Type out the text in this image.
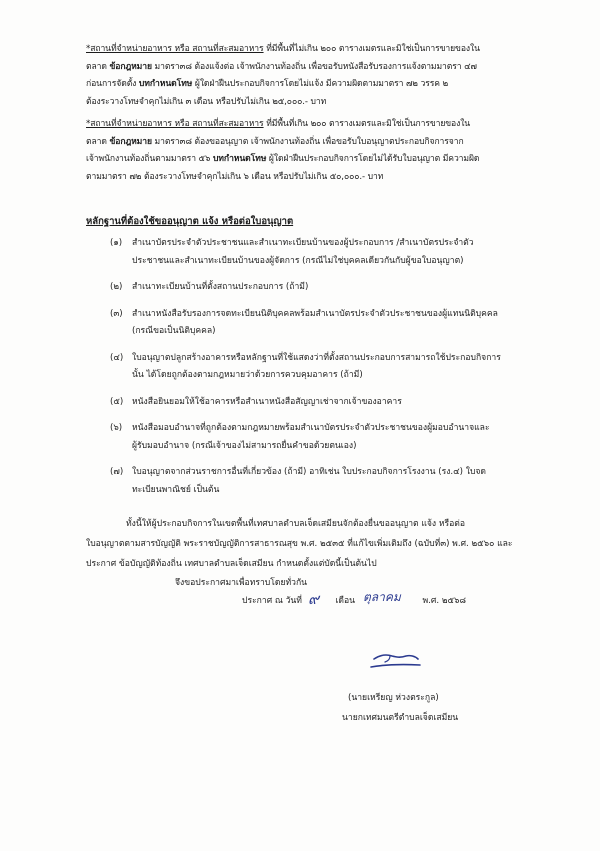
*สถานที่จำหน่ายอาหาร หรือ สถานที่สะสมอาหาร ที่มีพื้นที่ไม่เกิน ๒๐๐ ตารางเมตรและมิใช่เป็นการขายของใน
ตลาด ข้อกฎหมาย มาตรา๓๘ ต้องแจ้งต่อ เจ้าพนักงานท้องถิ่น เพื่อขอรับหนังสือรับรองการแจ้งตามมาตรา ๔๗
ก่อนการจัดตั้ง บทกำหนดโทษ ผู้ใดฝ่าฝืนประกอบกิจการโดยไม่แจ้ง มีความผิดตามมาตรา ๗๒ วรรค ๒
ต้องระวางโทษจำคุกไม่เกิน ๓ เดือน หรือปรับไม่เกิน ๒๕,๐๐๐.- บาท
*สถานที่จำหน่ายอาหาร หรือ สถานที่สะสมอาหาร ที่มีพื้นที่เกิน ๒๐๐ ตารางเมตรและมิใช่เป็นการขายของใน
ตลาด ข้อกฎหมาย มาตรา๓๘ ต้องขออนุญาต เจ้าพนักงานท้องถิ่น เพื่อขอรับใบอนุญาตประกอบกิจการจาก
เจ้าพนักงานท้องถิ่นตามมาตรา ๕๖ บทกำหนดโทษ ผู้ใดฝ่าฝืนประกอบกิจการโดยไม่ได้รับใบอนุญาต มีความผิด
ตามมาตรา ๗๒ ต้องระวางโทษจำคุกไม่เกิน ๖ เดือน หรือปรับไม่เกิน ๕๐,๐๐๐.- บาท
หลักฐานที่ต้องใช้ขออนุญาต แจ้ง หรือต่อใบอนุญาต
(๑)	สำเนาบัตรประจำตัวประชาชนและสำเนาทะเบียนบ้านของผู้ประกอบการ /สำเนาบัตรประจำตัว
ประชาชนและสำเนาทะเบียนบ้านของผู้จัดการ (กรณีไม่ใช่บุคคลเดียวกันกับผู้ขอใบอนุญาต)
(๒)	สำเนาทะเบียนบ้านที่ตั้งสถานประกอบการ (ถ้ามี)
(๓)	สำเนาหนังสือรับรองการจดทะเบียนนิติบุคคลพร้อมสำเนาบัตรประจำตัวประชาชนของผู้แทนนิติบุคคล
(กรณีขอเป็นนิติบุคคล)
(๔)	ใบอนุญาตปลูกสร้างอาคารหรือหลักฐานที่ใช้แสดงว่าที่ตั้งสถานประกอบการสามารถใช้ประกอบกิจการ
นั้น ได้โดยถูกต้องตามกฎหมายว่าด้วยการควบคุมอาคาร (ถ้ามี)
(๕)	หนังสือยินยอมให้ใช้อาคารหรือสำเนาหนังสือสัญญาเช่าจากเจ้าของอาคาร
(๖)	หนังสือมอบอำนาจที่ถูกต้องตามกฎหมายพร้อมสำเนาบัตรประจำตัวประชาชนของผู้มอบอำนาจและ
ผู้รับมอบอำนาจ (กรณีเจ้าของไม่สามารถยื่นคำขอด้วยตนเอง)
(๗)	ใบอนุญาตจากส่วนราชการอื่นที่เกี่ยวข้อง (ถ้ามี) อาทิเช่น ใบประกอบกิจการโรงงาน (รง.๔) ใบจด
ทะเบียนพาณิชย์ เป็นต้น
ทั้งนี้ให้ผู้ประกอบกิจการในเขตพื้นที่เทศบาลตำบลเจ็ดเสมียนจักต้องยื่นขออนุญาต แจ้ง หรือต่อ
ใบอนุญาตตามสารบัญญัติ พระราชบัญญัติการสาธารณสุข พ.ศ. ๒๕๓๕ ที่แก้ไขเพิ่มเติมถึง (ฉบับที่๓) พ.ศ. ๒๕๖๐ และ
ประกาศ ข้อบัญญัติท้องถิ่น เทศบาลตำบลเจ็ดเสมียน กำหนดตั้งแต่บัดนี้เป็นต้นไป
จึงขอประกาศมาเพื่อทราบโดยทั่วกัน
ประกาศ ณ วันที่	เดือน	พ.ศ. ๒๕๖๘
๙	ตุลาคม
(นายเหรียญ ห่วงตระกูล)
นายกเทศมนตรีตำบลเจ็ดเสมียน
